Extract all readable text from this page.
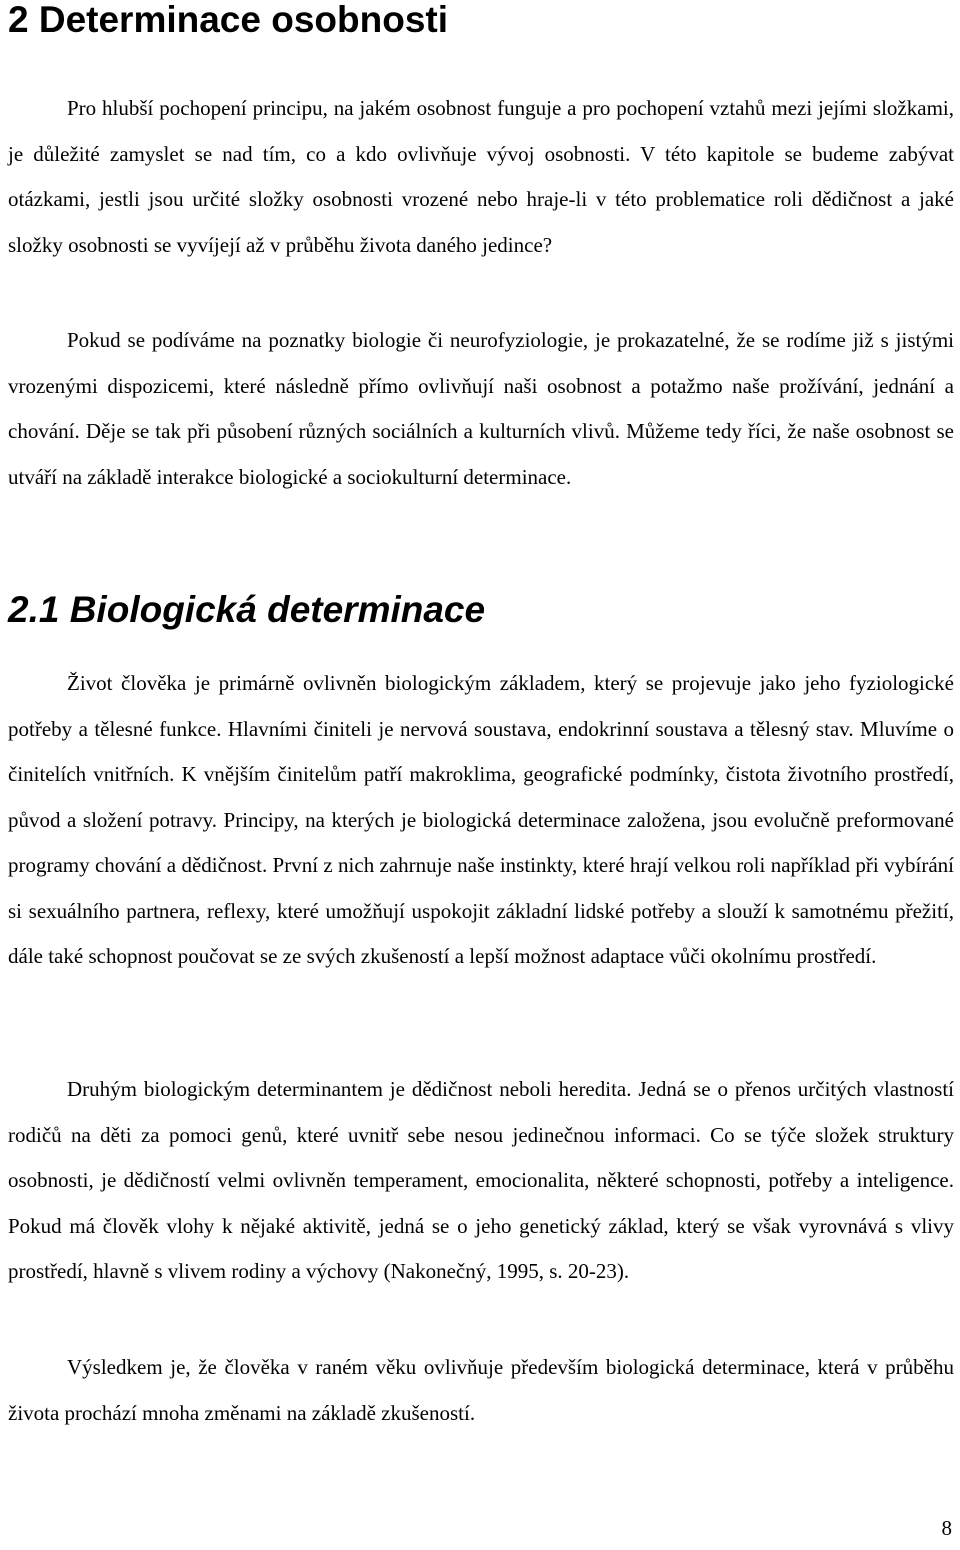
2 Determinace osobnosti

Pro hlubší pochopení principu, na jakém osobnost funguje a pro pochopení vztahů mezi jejími složkami, je důležité zamyslet se nad tím, co a kdo ovlivňuje vývoj osobnosti. V této kapitole se budeme zabývat otázkami, jestli jsou určité složky osobnosti vrozené nebo hraje-li v této problematice roli dědičnost a jaké složky osobnosti se vyvíjejí až v průběhu života daného jedince?

Pokud se podíváme na poznatky biologie či neurofyziologie, je prokazatelné, že se rodíme již s jistými vrozenými dispozicemi, které následně přímo ovlivňují naši osobnost a potažmo naše prožívání, jednání a chování. Děje se tak při působení různých sociálních a kulturních vlivů. Můžeme tedy říci, že naše osobnost se utváří na základě interakce biologické a sociokulturní determinace.

2.1 Biologická determinace

Život člověka je primárně ovlivněn biologickým základem, který se projevuje jako jeho fyziologické potřeby a tělesné funkce. Hlavními činiteli je nervová soustava, endokrinní soustava a tělesný stav. Mluvíme o činitelích vnitřních. K vnějším činitelům patří makroklima, geografické podmínky, čistota životního prostředí, původ a složení potravy. Principy, na kterých je biologická determinace založena, jsou evolučně preformované programy chování a dědičnost. První z nich zahrnuje naše instinkty, které hrají velkou roli například při vybírání si sexuálního partnera, reflexy, které umožňují uspokojit základní lidské potřeby a slouží k samotnému přežití, dále také schopnost poučovat se ze svých zkušeností a lepší možnost adaptace vůči okolnímu prostředí.

Druhým biologickým determinantem je dědičnost neboli heredita. Jedná se o přenos určitých vlastností rodičů na děti za pomoci genů, které uvnitř sebe nesou jedinečnou informaci. Co se týče složek struktury osobnosti, je dědičností velmi ovlivněn temperament, emocionalita, některé schopnosti, potřeby a inteligence. Pokud má člověk vlohy k nějaké aktivitě, jedná se o jeho genetický základ, který se však vyrovnává s vlivy prostředí, hlavně s vlivem rodiny a výchovy (Nakonečný, 1995, s. 20-23).

Výsledkem je, že člověka v raném věku ovlivňuje především biologická determinace, která v průběhu života prochází mnoha změnami na základě zkušeností.

8
